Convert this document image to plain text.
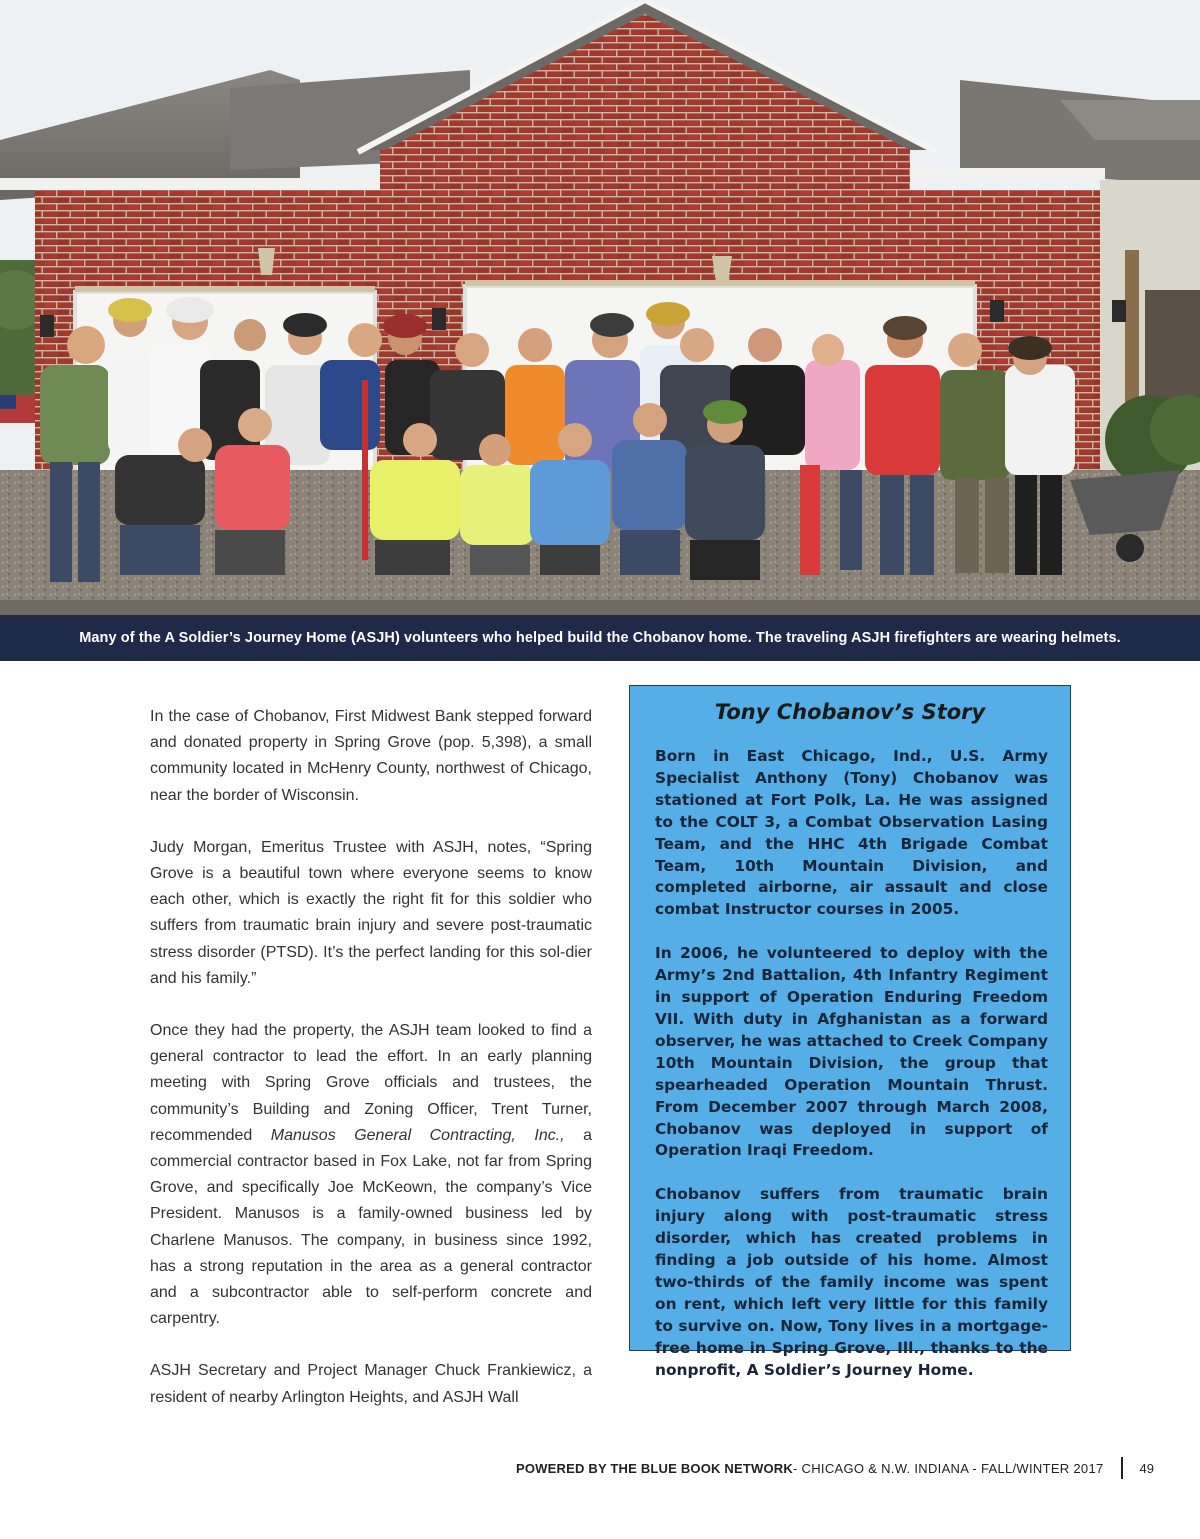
Many of the A Soldier’s Journey Home (ASJH) volunteers who helped build the Chobanov home. The traveling ASJH firefighters are wearing helmets.

In the case of Chobanov, First Midwest Bank stepped forward and donated property in Spring Grove (pop. 5,398), a small community located in McHenry County, northwest of Chicago, near the border of Wisconsin.

Judy Morgan, Emeritus Trustee with ASJH, notes, “Spring Grove is a beautiful town where everyone seems to know each other, which is exactly the right fit for this soldier who suffers from traumatic brain injury and severe post-traumatic stress disorder (PTSD). It’s the perfect landing for this sol-dier and his family.”

Once they had the property, the ASJH team looked to find a general contractor to lead the effort. In an early planning meeting with Spring Grove officials and trustees, the community’s Building and Zoning Officer, Trent Turner, recommended Manusos General Contracting, Inc., a commercial contractor based in Fox Lake, not far from Spring Grove, and specifically Joe McKeown, the company’s Vice President. Manusos is a family-owned business led by Charlene Manusos. The company, in business since 1992, has a strong reputation in the area as a general contractor and a subcontractor able to self-perform concrete and carpentry.

ASJH Secretary and Project Manager Chuck Frankiewicz, a resident of nearby Arlington Heights, and ASJH Wall

Tony Chobanov’s Story

Born in East Chicago, Ind., U.S. Army Specialist Anthony (Tony) Chobanov was stationed at Fort Polk, La. He was assigned to the COLT 3, a Combat Observation Lasing Team, and the HHC 4th Brigade Combat Team, 10th Mountain Division, and completed airborne, air assault and close combat Instructor courses in 2005.

In 2006, he volunteered to deploy with the Army’s 2nd Battalion, 4th Infantry Regiment in support of Operation Enduring Freedom VII. With duty in Afghanistan as a forward observer, he was attached to Creek Company 10th Mountain Division, the group that spearheaded Operation Mountain Thrust. From December 2007 through March 2008, Chobanov was deployed in support of Operation Iraqi Freedom.

Chobanov suffers from traumatic brain injury along with post-traumatic stress disorder, which has created problems in finding a job outside of his home. Almost two-thirds of the family income was spent on rent, which left very little for this family to survive on. Now, Tony lives in a mortgage-free home in Spring Grove, Ill., thanks to the nonprofit, A Soldier’s Journey Home.

POWERED BY THE BLUE BOOK NETWORK - CHICAGO & N.W. INDIANA - FALL/WINTER 2017	49
